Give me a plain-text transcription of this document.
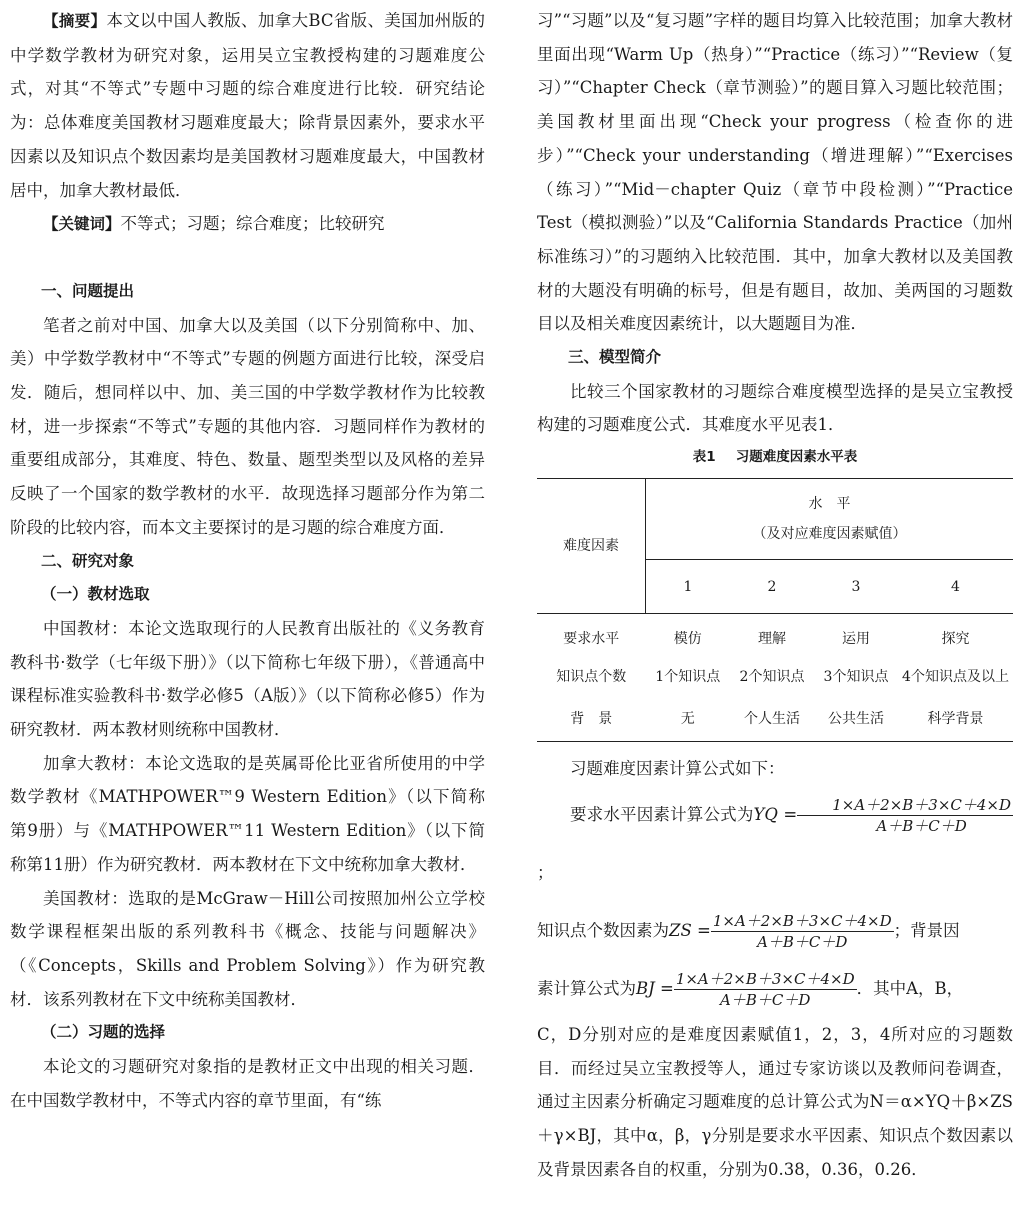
【摘要】本文以中国人教版、加拿大BC省版、美国加州版的中学数学教材为研究对象，运用吴立宝教授构建的习题难度公式，对其“不等式”专题中习题的综合难度进行比较．研究结论为：总体难度美国教材习题难度最大；除背景因素外，要求水平因素以及知识点个数因素均是美国教材习题难度最大，中国教材居中，加拿大教材最低．

【关键词】不等式；习题；综合难度；比较研究

一、问题提出

笔者之前对中国、加拿大以及美国（以下分别简称中、加、美）中学数学教材中“不等式”专题的例题方面进行比较，深受启发．随后，想同样以中、加、美三国的中学数学教材作为比较教材，进一步探索“不等式”专题的其他内容．习题同样作为教材的重要组成部分，其难度、特色、数量、题型类型以及风格的差异反映了一个国家的数学教材的水平．故现选择习题部分作为第二阶段的比较内容，而本文主要探讨的是习题的综合难度方面．

二、研究对象

（一）教材选取

中国教材：本论文选取现行的人民教育出版社的《义务教育教科书·数学（七年级下册）》（以下简称七年级下册），《普通高中课程标准实验教科书·数学必修5（A版）》（以下简称必修5）作为研究教材．两本教材则统称中国教材．

加拿大教材：本论文选取的是英属哥伦比亚省所使用的中学数学教材《MATHPOWER™9 Western Edition》（以下简称第9册）与《MATHPOWER™11 Western Edition》（以下简称第11册）作为研究教材．两本教材在下文中统称加拿大教材．

美国教材：选取的是McGraw－Hill公司按照加州公立学校数学课程框架出版的系列教科书《概念、技能与问题解决》（《Concepts，Skills and Problem Solving》）作为研究教材．该系列教材在下文中统称美国教材．

（二）习题的选择

本论文的习题研究对象指的是教材正文中出现的相关习题．在中国数学教材中，不等式内容的章节里面，有“练

习”“习题”以及“复习题”字样的题目均算入比较范围；加拿大教材里面出现“Warm Up（热身）”“Practice（练习）”“Review（复习）”“Chapter Check（章节测验）”的题目算入习题比较范围；美国教材里面出现“Check your progress（检查你的进步）”“Check your understanding（增进理解）”“Exercises（练习）”“Mid－chapter Quiz（章节中段检测）”“Practice Test（模拟测验）”以及“California Standards Practice（加州标准练习）”的习题纳入比较范围．其中，加拿大教材以及美国教材的大题没有明确的标号，但是有题目，故加、美两国的习题数目以及相关难度因素统计，以大题题目为准．

三、模型简介

比较三个国家教材的习题综合难度模型选择的是吴立宝教授构建的习题难度公式．其难度水平见表1．

表1 习题难度因素水平表
难度因素	水　平
（及对应难度因素赋值）			

	1	2	3	4
要求水平	模仿	理解	运用	探究
知识点个数	1个知识点	2个知识点	3个知识点	4个知识点及以上
背　景	无	个人生活	公共生活	科学背景

习题难度因素计算公式如下：

要求水平因素计算公式为YQ = $\frac{1\times A+2\times B+3\times C+4\times D}{A+B+C+D}$
；

知识点个数因素为ZS = $\frac{1\times A+2\times B+3\times C+4\times D}{A+B+C+D}$ ；背景因

素计算公式为BJ = $\frac{1\times A+2\times B+3\times C+4\times D}{A+B+C+D}$ ．其中A，B，

C，D分别对应的是难度因素赋值1，2，3，4所对应的习题数目．而经过吴立宝教授等人，通过专家访谈以及教师问卷调查，通过主因素分析确定习题难度的总计算公式为N＝α×YQ＋β×ZS＋γ×BJ，其中α，β，γ分别是要求水平因素、知识点个数因素以及背景因素各自的权重，分别为0.38，0.36，0.26．
